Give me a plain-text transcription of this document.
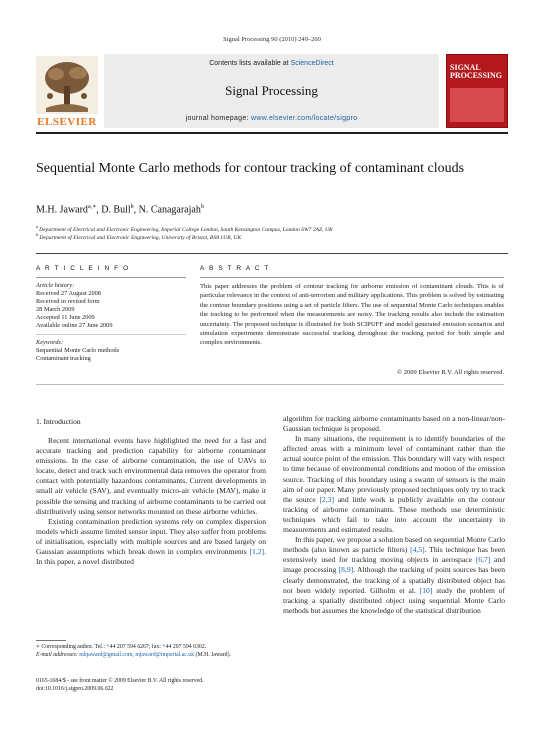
Signal Processing 90 (2010) 249–260
Contents lists available at ScienceDirect
Signal Processing
journal homepage: www.elsevier.com/locate/sigpro
ELSEVIER
SIGNAL PROCESSING
Sequential Monte Carlo methods for contour tracking of contaminant clouds
M.H. Jaward$^{a,∗}$, D. Bull$^b$, N. Canagarajah$^b$
$^a$ Department of Electrical and Electronic Engineering, Imperial College London, South Kensington Campus, London SW7 2AZ, UK
$^b$ Department of Electrical and Electronic Engineering, University of Bristol, BS8 1UB, UK
A R T I C L E I N F O
Article history:
Received 27 August 2008
Received in revised form
28 March 2009
Accepted 11 June 2009
Available online 27 June 2009
Keywords:
Sequential Monte Carlo methods
Contaminant tracking
A B S T R A C T
This paper addresses the problem of contour tracking for airborne emission of contaminant clouds. This is of particular relevance in the context of anti-terrorism and military applications. This problem is solved by estimating the contour boundary positions using a set of particle filters. The use of sequential Monte Carlo techniques enables the tracking to be performed when the measurements are noisy. The tracking results also include the estimation uncertainty. The proposed technique is illustrated for both SCIPUFF and model generated emission scenarios and simulation experiments demonstrate successful tracking throughout the tracking period for both simple and complex environments.
© 2009 Elsevier B.V. All rights reserved.
1. Introduction

Recent international events have highlighted the need for a fast and accurate tracking and prediction capability for airborne contaminant emissions. In the case of airborne contamination, the use of UAVs to locate, detect and track such environmental data removes the operator from contact with potentially hazardous contaminants. Current developments in small air vehicle (SAV), and eventually micro-air vehicle (MAV), make it possible the sensing and tracking of airborne contaminants to be carried out distributively using sensor networks mounted on these airborne vehicles.

Existing contamination prediction systems rely on complex dispersion models which assume limited sensor input. They also suffer from problems of initialisation, especially with multiple sources and are based largely on Gaussian assumptions which break down in complex environments [1,2]. In this paper, a novel distributed

algorithm for tracking airborne contaminants based on a non-linear/non-Gaussian technique is proposed.

In many situations, the requirement is to identify boundaries of the affected areas with a minimum level of contaminant rather than the actual source point of the emission. This boundary will vary with respect to time because of environmental conditions and motion of the emission source. Tracking of this boundary using a swarm of sensors is the main aim of our paper. Many previously proposed techniques only try to track the source [2,3] and little work is publicly available on the contour tracking of airborne contaminants. These methods use deterministic techniques which fail to take into account the uncertainty in measurements and estimated results.

In this paper, we propose a solution based on sequential Monte Carlo methods (also known as particle filters) [4,5]. This technique has been extensively used for tracking moving objects in aerospace [6,7] and image processing [8,9]. Although the tracking of point sources has been clearly demonstrated, the tracking of a spatially distributed object has not been widely reported. Gilholm et al. [10] study the problem of tracking a spatially distributed object using sequential Monte Carlo methods but assumes the knowledge of the statistical distribution

∗ Corresponding author. Tel.: +44 207 594 6267; fax: +44 207 594 6302.
E-mail addresses: mhjaward@gmail.com, mjaward@imperial.ac.uk (M.H. Jaward).
0165-1684/$ - see front matter © 2009 Elsevier B.V. All rights reserved.
doi:10.1016/j.sigpro.2009.06.022
